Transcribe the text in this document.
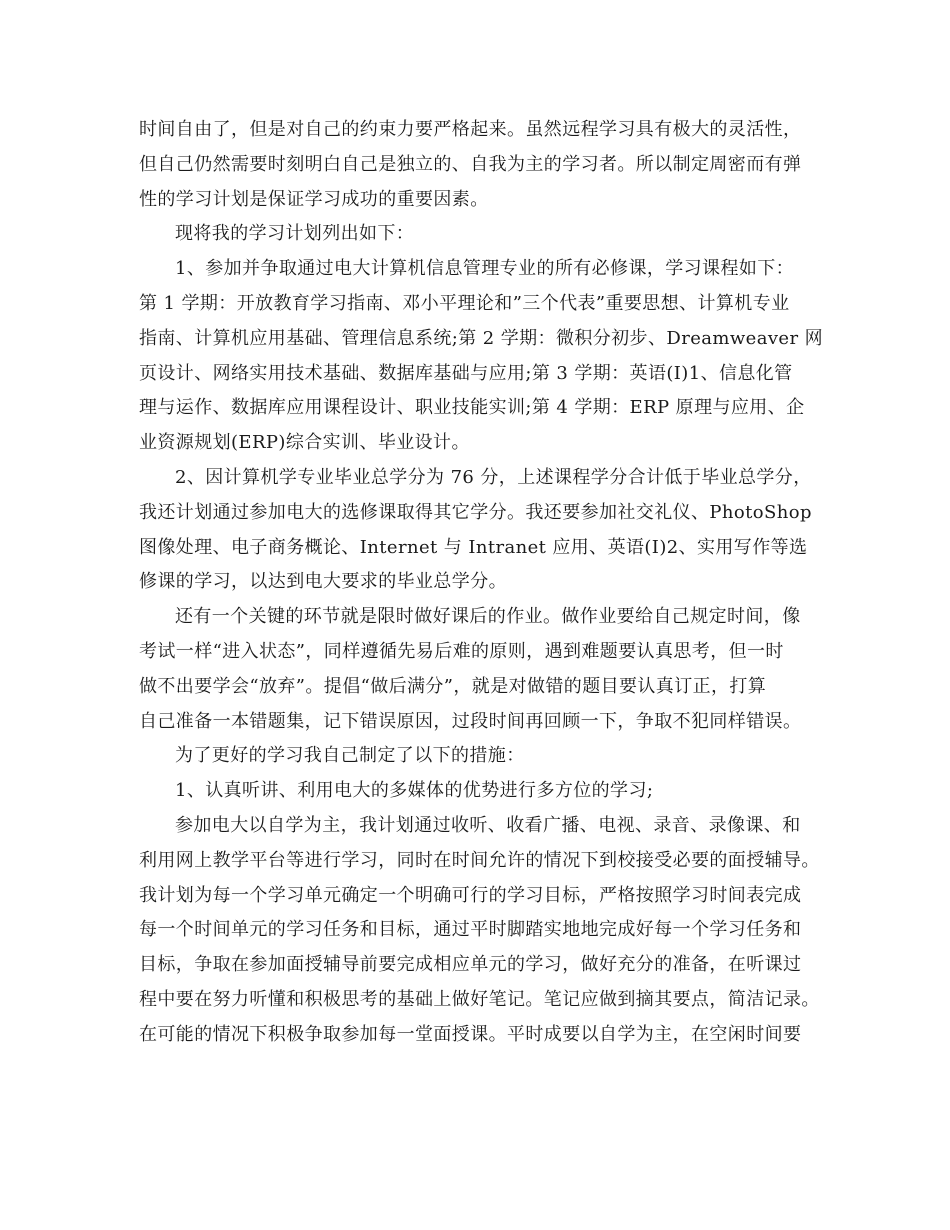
时间自由了，但是对自己的约束力要严格起来。虽然远程学习具有极大的灵活性，
但自己仍然需要时刻明白自己是独立的、自我为主的学习者。所以制定周密而有弹
性的学习计划是保证学习成功的重要因素。
现将我的学习计划列出如下：
1、参加并争取通过电大计算机信息管理专业的所有必修课，学习课程如下：
第 1 学期：开放教育学习指南、邓小平理论和”三个代表”重要思想、计算机专业
指南、计算机应用基础、管理信息系统;第 2 学期：微积分初步、Dreamweaver 网
页设计、网络实用技术基础、数据库基础与应用;第 3 学期：英语(I)1、信息化管
理与运作、数据库应用课程设计、职业技能实训;第 4 学期：ERP 原理与应用、企
业资源规划(ERP)综合实训、毕业设计。
2、因计算机学专业毕业总学分为 76 分，上述课程学分合计低于毕业总学分，
我还计划通过参加电大的选修课取得其它学分。我还要参加社交礼仪、PhotoShop
图像处理、电子商务概论、Internet 与 Intranet 应用、英语(I)2、实用写作等选
修课的学习，以达到电大要求的毕业总学分。
还有一个关键的环节就是限时做好课后的作业。做作业要给自己规定时间，像
考试一样“进入状态”，同样遵循先易后难的原则，遇到难题要认真思考，但一时
做不出要学会“放弃”。提倡“做后满分”，就是对做错的题目要认真订正，打算
自己准备一本错题集，记下错误原因，过段时间再回顾一下，争取不犯同样错误。
为了更好的学习我自己制定了以下的措施：
1、认真听讲、利用电大的多媒体的优势进行多方位的学习;
参加电大以自学为主，我计划通过收听、收看广播、电视、录音、录像课、和
利用网上教学平台等进行学习，同时在时间允许的情况下到校接受必要的面授辅导。
我计划为每一个学习单元确定一个明确可行的学习目标，严格按照学习时间表完成
每一个时间单元的学习任务和目标，通过平时脚踏实地地完成好每一个学习任务和
目标，争取在参加面授辅导前要完成相应单元的学习，做好充分的准备，在听课过
程中要在努力听懂和积极思考的基础上做好笔记。笔记应做到摘其要点，简洁记录。
在可能的情况下积极争取参加每一堂面授课。平时成要以自学为主，在空闲时间要
